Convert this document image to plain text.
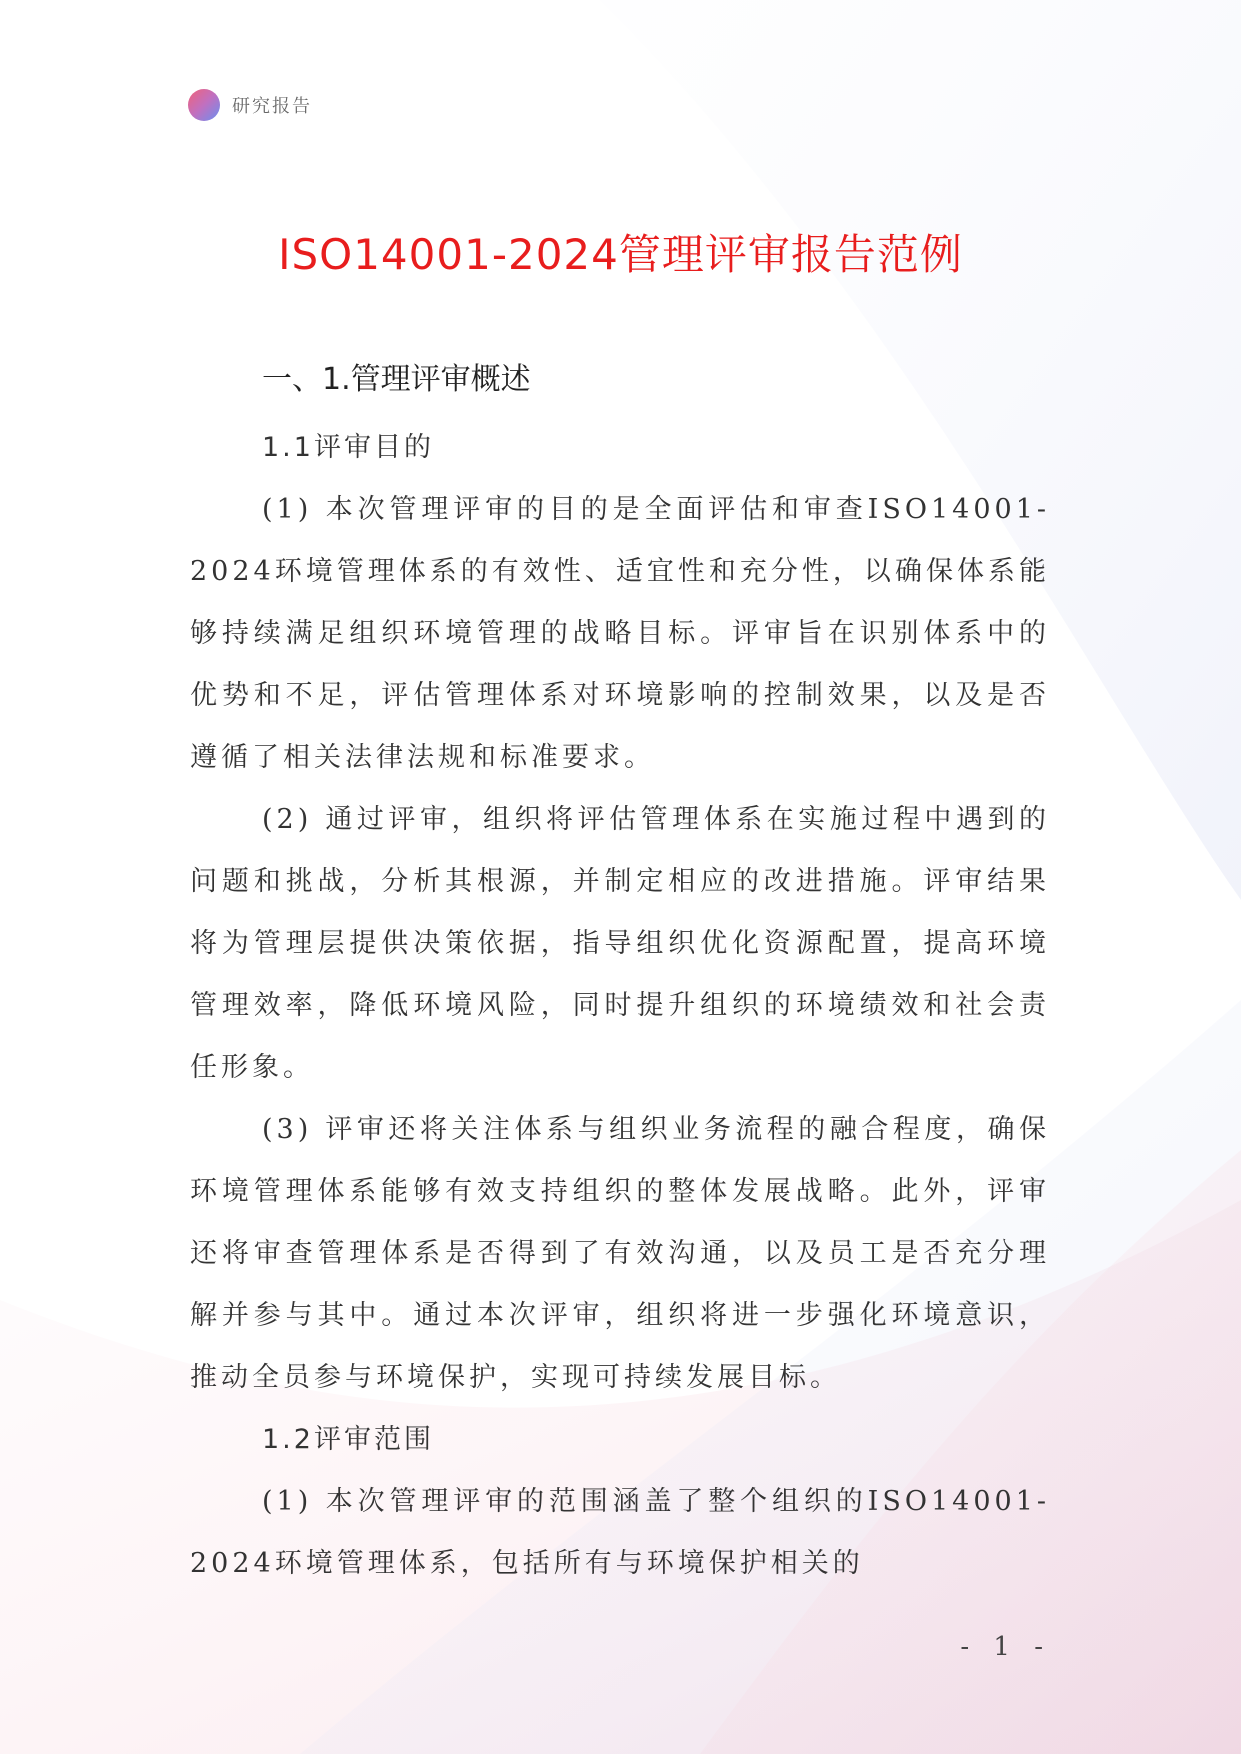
研究报告
ISO14001-2024管理评审报告范例
一、1.管理评审概述
1.1评审目的

(1) 本次管理评审的目的是全面评估和审查ISO14001-2024环境管理体系的有效性、适宜性和充分性，以确保体系能够持续满足组织环境管理的战略目标。评审旨在识别体系中的优势和不足，评估管理体系对环境影响的控制效果，以及是否遵循了相关法律法规和标准要求。

(2) 通过评审，组织将评估管理体系在实施过程中遇到的问题和挑战，分析其根源，并制定相应的改进措施。评审结果将为管理层提供决策依据，指导组织优化资源配置，提高环境管理效率，降低环境风险，同时提升组织的环境绩效和社会责任形象。

(3) 评审还将关注体系与组织业务流程的融合程度，确保环境管理体系能够有效支持组织的整体发展战略。此外，评审还将审查管理体系是否得到了有效沟通，以及员工是否充分理解并参与其中。通过本次评审，组织将进一步强化环境意识，推动全员参与环境保护，实现可持续发展目标。

1.2评审范围

(1) 本次管理评审的范围涵盖了整个组织的ISO14001-2024环境管理体系，包括所有与环境保护相关的

- 1 -
